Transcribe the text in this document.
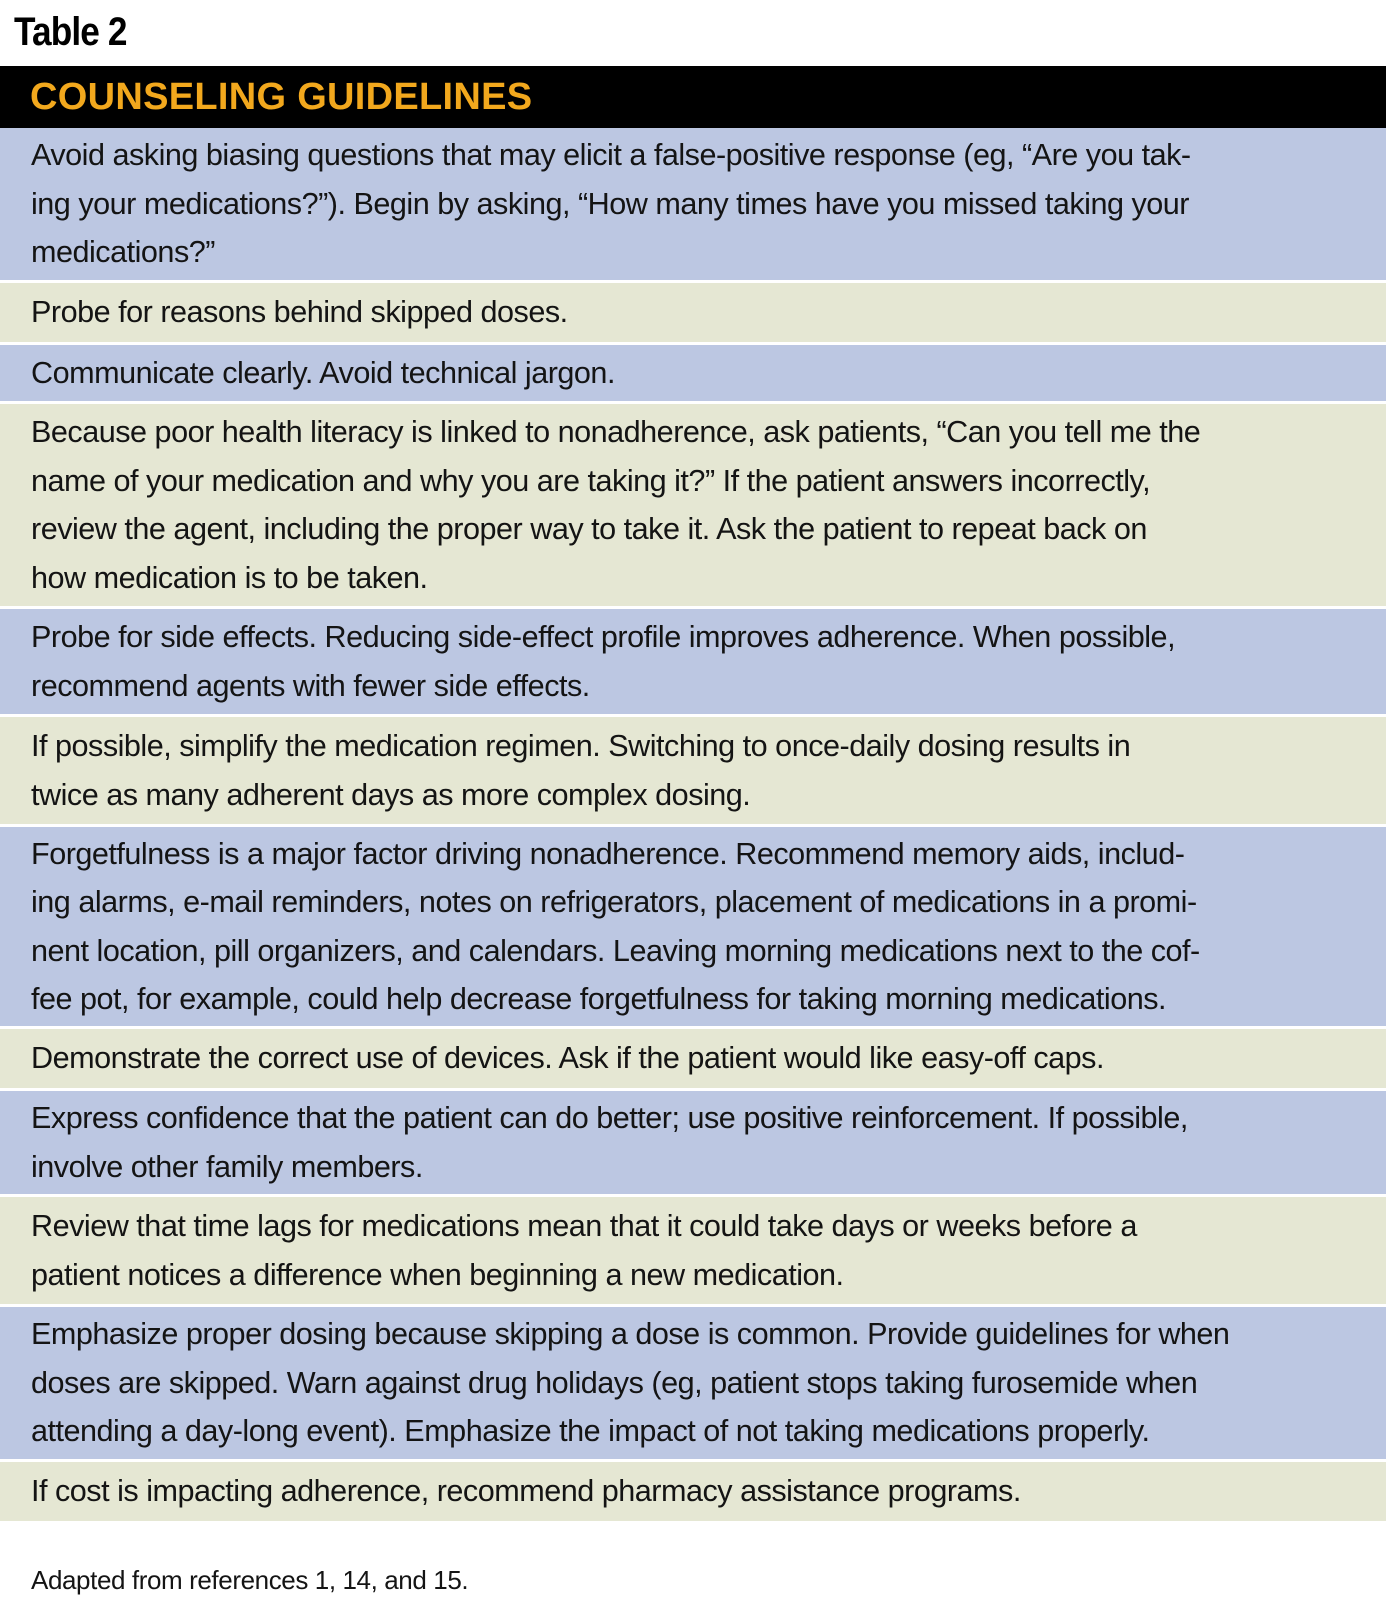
Table 2
COUNSELING GUIDELINES
Avoid asking biasing questions that may elicit a false-positive response (eg, “Are you tak-
ing your medications?”). Begin by asking, “How many times have you missed taking your
medications?”
Probe for reasons behind skipped doses.
Communicate clearly. Avoid technical jargon.
Because poor health literacy is linked to nonadherence, ask patients, “Can you tell me the
name of your medication and why you are taking it?” If the patient answers incorrectly,
review the agent, including the proper way to take it. Ask the patient to repeat back on
how medication is to be taken.
Probe for side effects. Reducing side-effect profile improves adherence. When possible,
recommend agents with fewer side effects.
If possible, simplify the medication regimen. Switching to once-daily dosing results in
twice as many adherent days as more complex dosing.
Forgetfulness is a major factor driving nonadherence. Recommend memory aids, includ-
ing alarms, e-mail reminders, notes on refrigerators, placement of medications in a promi-
nent location, pill organizers, and calendars. Leaving morning medications next to the cof-
fee pot, for example, could help decrease forgetfulness for taking morning medications.
Demonstrate the correct use of devices. Ask if the patient would like easy-off caps.
Express confidence that the patient can do better; use positive reinforcement. If possible,
involve other family members.
Review that time lags for medications mean that it could take days or weeks before a
patient notices a difference when beginning a new medication.
Emphasize proper dosing because skipping a dose is common. Provide guidelines for when
doses are skipped. Warn against drug holidays (eg, patient stops taking furosemide when
attending a day-long event). Emphasize the impact of not taking medications properly.
If cost is impacting adherence, recommend pharmacy assistance programs.
Adapted from references 1, 14, and 15.
